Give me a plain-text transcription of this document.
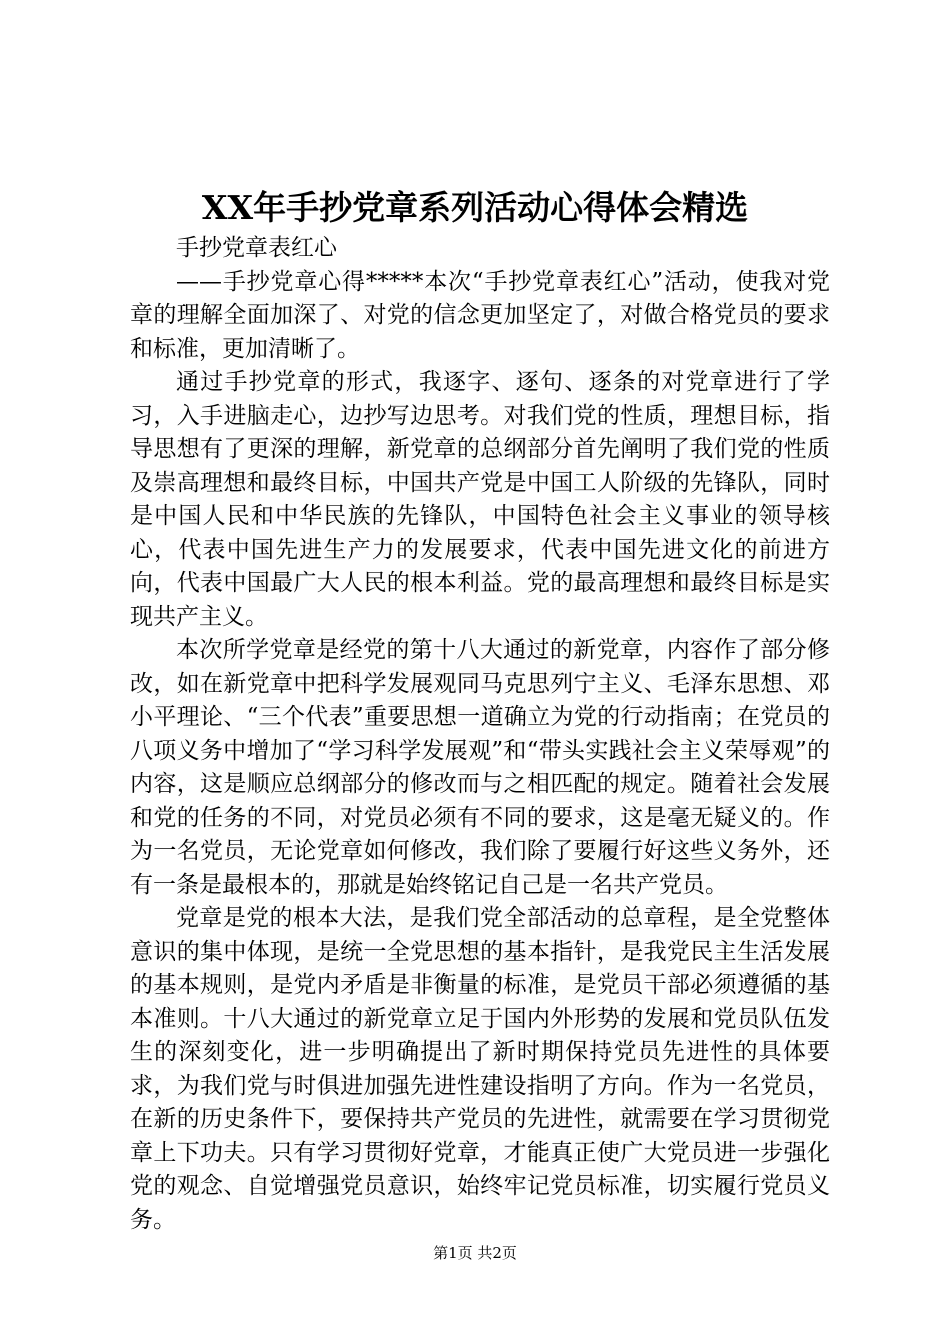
XX年手抄党章系列活动心得体会精选

手抄党章表红心

——手抄党章心得*****本次“手抄党章表红心”活动，使我对党章的理解全面加深了、对党的信念更加坚定了，对做合格党员的要求和标准，更加清晰了。

通过手抄党章的形式，我逐字、逐句、逐条的对党章进行了学习，入手进脑走心，边抄写边思考。对我们党的性质，理想目标，指导思想有了更深的理解，新党章的总纲部分首先阐明了我们党的性质及崇高理想和最终目标，中国共产党是中国工人阶级的先锋队，同时是中国人民和中华民族的先锋队，中国特色社会主义事业的领导核心，代表中国先进生产力的发展要求，代表中国先进文化的前进方向，代表中国最广大人民的根本利益。党的最高理想和最终目标是实现共产主义。

本次所学党章是经党的第十八大通过的新党章，内容作了部分修改，如在新党章中把科学发展观同马克思列宁主义、毛泽东思想、邓小平理论、“三个代表”重要思想一道确立为党的行动指南；在党员的八项义务中增加了“学习科学发展观”和“带头实践社会主义荣辱观”的内容，这是顺应总纲部分的修改而与之相匹配的规定。随着社会发展和党的任务的不同，对党员必须有不同的要求，这是毫无疑义的。作为一名党员，无论党章如何修改，我们除了要履行好这些义务外，还有一条是最根本的，那就是始终铭记自己是一名共产党员。

党章是党的根本大法，是我们党全部活动的总章程，是全党整体意识的集中体现，是统一全党思想的基本指针，是我党民主生活发展的基本规则，是党内矛盾是非衡量的标准，是党员干部必须遵循的基本准则。十八大通过的新党章立足于国内外形势的发展和党员队伍发生的深刻变化，进一步明确提出了新时期保持党员先进性的具体要求，为我们党与时俱进加强先进性建设指明了方向。作为一名党员，在新的历史条件下，要保持共产党员的先进性，就需要在学习贯彻党章上下功夫。只有学习贯彻好党章，才能真正使广大党员进一步强化党的观念、自觉增强党员意识，始终牢记党员标准，切实履行党员义务。

第1页 共2页
